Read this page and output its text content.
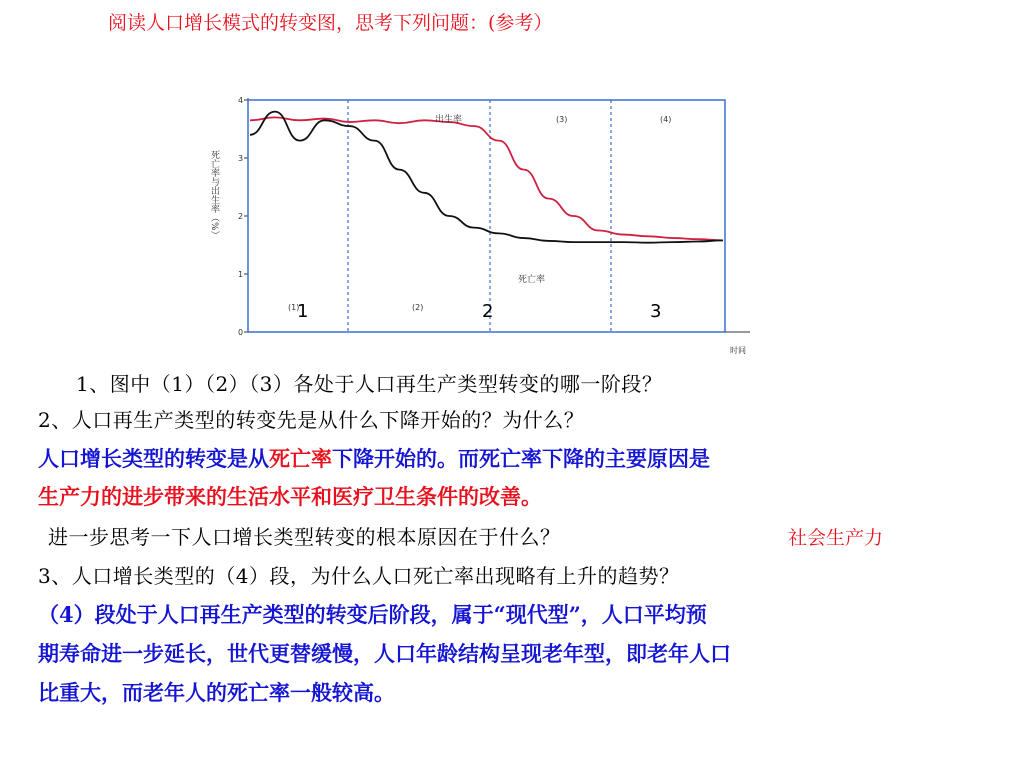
阅读人口增长模式的转变图，思考下列问题：(参考）
死亡率与出生率（%）
0
1
2
3
4
时间
出生率
死亡率
(1)	(2)
(3)	(4)
1	2	3
1、图中（1）（2）（3）各处于人口再生产类型转变的哪一阶段？
2、人口再生产类型的转变先是从什么下降开始的？为什么？
人口增长类型的转变是从死亡率下降开始的。而死亡率下降的主要原因是
生产力的进步带来的生活水平和医疗卫生条件的改善。
进一步思考一下人口增长类型转变的根本原因在于什么？	社会生产力
3、人口增长类型的（4）段，为什么人口死亡率出现略有上升的趋势？
（4）段处于人口再生产类型的转变后阶段，属于“现代型”，人口平均预
期寿命进一步延长，世代更替缓慢，人口年龄结构呈现老年型，即老年人口
比重大，而老年人的死亡率一般较高。
